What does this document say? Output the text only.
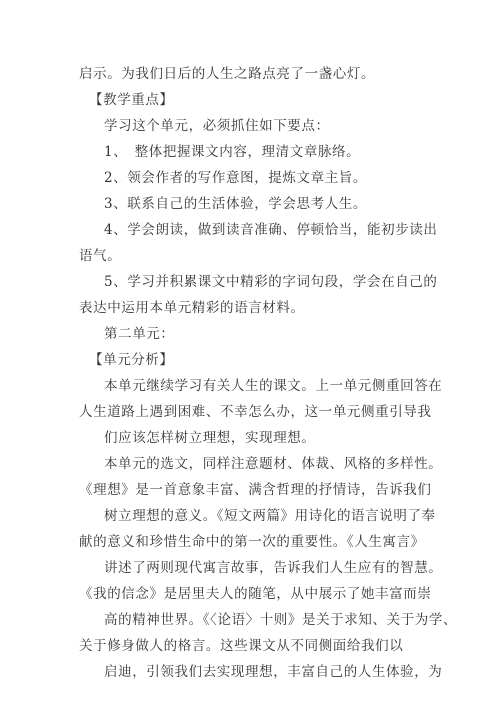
启示。为我们日后的人生之路点亮了一盏心灯。
【教学重点】
学习这个单元，必须抓住如下要点：
1、　整体把握课文内容，理清文章脉络。
2、领会作者的写作意图，提炼文章主旨。
3、联系自己的生活体验，学会思考人生。
4、学会朗读，做到读音准确、停顿恰当，能初步读出
语气。
5、学习并积累课文中精彩的字词句段，学会在自己的
表达中运用本单元精彩的语言材料。
第二单元：
【单元分析】
本单元继续学习有关人生的课文。上一单元侧重回答在
人生道路上遇到困难、不幸怎么办，这一单元侧重引导我
们应该怎样树立理想，实现理想。
本单元的选文，同样注意题材、体裁、风格的多样性。
《理想》是一首意象丰富、满含哲理的抒情诗，告诉我们
树立理想的意义。《短文两篇》用诗化的语言说明了奉
献的意义和珍惜生命中的第一次的重要性。《人生寓言》
讲述了两则现代寓言故事，告诉我们人生应有的智慧。
《我的信念》是居里夫人的随笔，从中展示了她丰富而崇
高的精神世界。《〈论语〉十则》是关于求知、关于为学、
关于修身做人的格言。这些课文从不同侧面给我们以
启迪，引领我们去实现理想，丰富自己的人生体验，为
